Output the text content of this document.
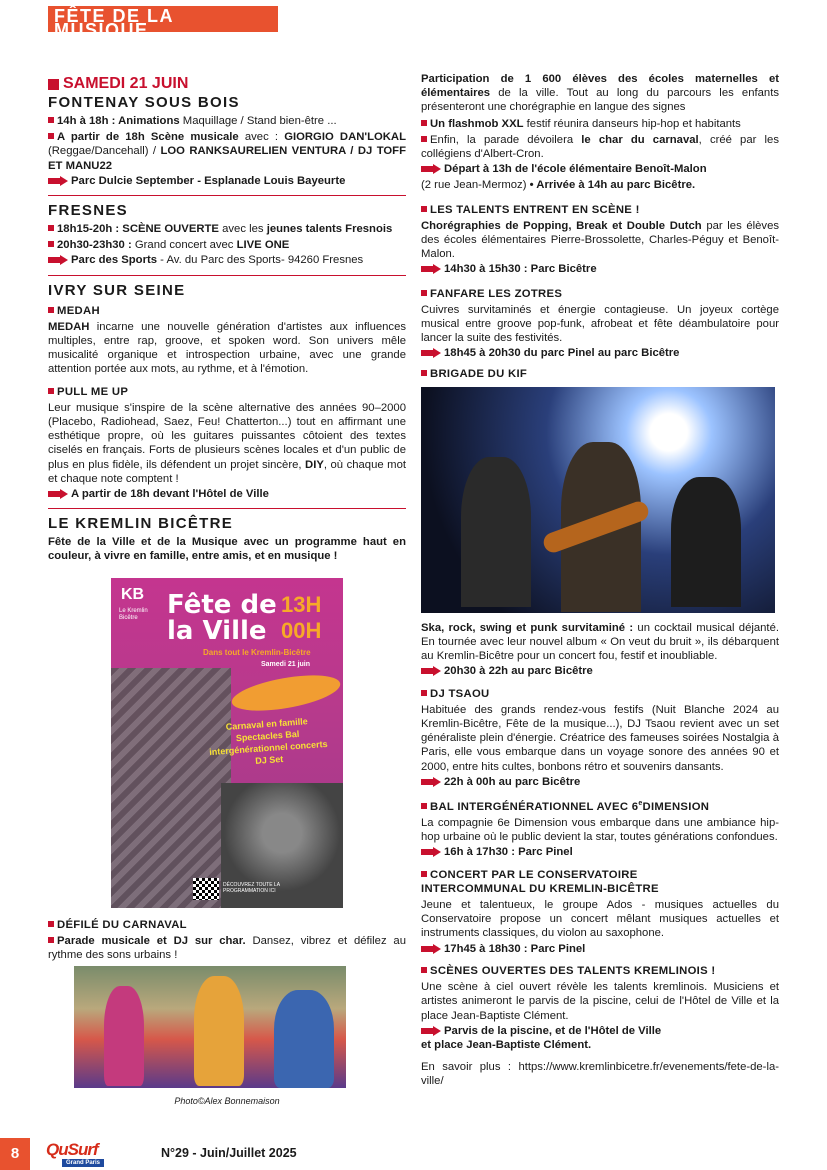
FÊTE DE LA MUSIQUE
SAMEDI 21 JUIN
FONTENAY SOUS BOIS
14h à 18h : Animations Maquillage / Stand bien-être ...
A partir de 18h Scène musicale avec : GIORGIO DAN'LOKAL (Reggae/Dancehall) / LOO RANKSAURELIEN VENTURA / DJ TOFF ET MANU22
Parc Dulcie September - Esplanade Louis Bayeurte
FRESNES
18h15-20h : SCÈNE OUVERTE avec les jeunes talents Fresnois
20h30-23h30 : Grand concert avec LIVE ONE
Parc des Sports - Av. du Parc des Sports- 94260 Fresnes
IVRY SUR SEINE
MEDAH
MEDAH incarne une nouvelle génération d'artistes aux influences multiples, entre rap, groove, et spoken word. Son univers mêle musicalité organique et introspection urbaine, avec une grande attention portée aux mots, au rythme, et à l'émotion.
PULL ME UP
Leur musique s'inspire de la scène alternative des années 90–2000 (Placebo, Radiohead, Saez, Feu! Chatterton...) tout en affirmant une esthétique propre, où les guitares puissantes côtoient des textes ciselés en français. Forts de plusieurs scènes locales et d'un public de plus en plus fidèle, ils défendent un projet sincère, DIY, où chaque mot et chaque note comptent !
A partir de 18h devant l'Hôtel de Ville
LE KREMLIN BICÊTRE
Fête de la Ville et de la Musique avec un programme haut en couleur, à vivre en famille, entre amis, et en musique !
KB
Le Kremlin Bicêtre	Fête de la Ville
13H 00H
Dans tout le Kremlin-Bicêtre
Samedi 21 juin
Carnaval en famille Spectacles Bal intergénérationnel concerts DJ Set
DÉCOUVREZ TOUTE LA PROGRAMMATION ICI
DÉFILÉ DU CARNAVAL
Parade musicale et DJ sur char. Dansez, vibrez et défilez au rythme des sons urbains !
Photo©Alex Bonnemaison
Participation de 1 600 élèves des écoles maternelles et élémentaires de la ville. Tout au long du parcours les enfants présenteront une chorégraphie en langue des signes
Un flashmob XXL festif réunira danseurs hip-hop et habitants
Enfin, la parade dévoilera le char du carnaval, créé par les collégiens d'Albert-Cron.
Départ à 13h de l'école élémentaire Benoît-Malon
(2 rue Jean-Mermoz) • Arrivée à 14h au parc Bicêtre.
LES TALENTS ENTRENT EN SCÈNE !
Chorégraphies de Popping, Break et Double Dutch par les élèves des écoles élémentaires Pierre-Brossolette, Charles-Péguy et Benoît-Malon.
14h30 à 15h30 : Parc Bicêtre
FANFARE LES ZOTRES
Cuivres survitaminés et énergie contagieuse. Un joyeux cortège musical entre groove pop-funk, afrobeat et fête déambulatoire pour lancer la suite des festivités.
18h45 à 20h30 du parc Pinel au parc Bicêtre
BRIGADE DU KIF
Ska, rock, swing et punk survitaminé : un cocktail musical déjanté. En tournée avec leur nouvel album « On veut du bruit », ils débarquent au Kremlin-Bicêtre pour un concert fou, festif et inoubliable.
20h30 à 22h au parc Bicêtre
DJ TSAOU
Habituée des grands rendez-vous festifs (Nuit Blanche 2024 au Kremlin-Bicêtre, Fête de la musique...), DJ Tsaou revient avec un set généraliste plein d'énergie. Créatrice des fameuses soirées Nostalgia à Paris, elle vous embarque dans un voyage sonore des années 90 et 2000, entre hits cultes, bonbons rétro et souvenirs dansants.
22h à 00h au parc Bicêtre
BAL INTERGÉNÉRATIONNEL AVEC 6eDIMENSION
La compagnie 6e Dimension vous embarque dans une ambiance hip-hop urbaine où le public devient la star, toutes générations confondues.
16h à 17h30 : Parc Pinel
CONCERT PAR LE CONSERVATOIRE
INTERCOMMUNAL DU KREMLIN-BICÊTRE
Jeune et talentueux, le groupe Ados - musiques actuelles du Conservatoire propose un concert mêlant musiques actuelles et instruments classiques, du violon au saxophone.
17h45 à 18h30 : Parc Pinel
SCÈNES OUVERTES DES TALENTS KREMLINOIS !
Une scène à ciel ouvert révèle les talents kremlinois. Musiciens et artistes animeront le parvis de la piscine, celui de l'Hôtel de Ville et la place Jean-Baptiste Clément.
Parvis de la piscine, et de l'Hôtel de Ville
et place Jean-Baptiste Clément.
En savoir plus : https://www.kremlinbicetre.fr/evenements/fete-de-la-ville/
8	QuSurf
Grand Paris
N°29 - Juin/Juillet 2025
